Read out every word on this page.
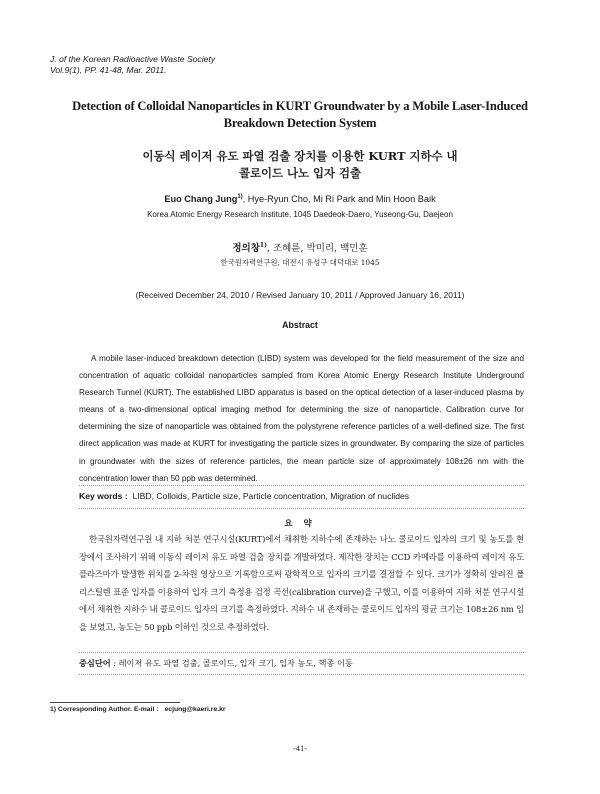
J. of the Korean Radioactive Waste Society
Vol.9(1), PP. 41-48, Mar. 2011.
Detection of Colloidal Nanoparticles in KURT Groundwater by a Mobile Laser-Induced Breakdown Detection System
이동식 레이저 유도 파열 검출 장치를 이용한 KURT 지하수 내
콜로이드 나노 입자 검출
Euo Chang Jung$^{1)}$, Hye-Ryun Cho, Mi Ri Park and Min Hoon Baik
Korea Atomic Energy Research Institute, 1045 Daedeok-Daero, Yuseong-Gu, Daejeon
정의창$^{1)}$, 조혜륜, 박미리, 백민훈
한국원자력연구원, 대전시 유성구 대덕대로 1045
(Received December 24, 2010 / Revised January 10, 2011 / Approved January 16, 2011)
Abstract

A mobile laser-induced breakdown detection (LIBD) system was developed for the field measurement of the size and concentration of aquatic colloidal nanoparticles sampled from Korea Atomic Energy Research Institute Underground Research Tunnel (KURT). The established LIBD apparatus is based on the optical detection of a laser-induced plasma by means of a two-dimensional optical imaging method for determining the size of nanoparticle. Calibration curve for determining the size of nanoparticle was obtained from the polystyrene reference particles of a well-defined size. The first direct application was made at KURT for investigating the particle sizes in groundwater. By comparing the size of particles in groundwater with the sizes of reference particles, the mean particle size of approximately 108±26 nm with the concentration lower than 50 ppb was determined.

Key words :  LIBD, Colloids, Particle size, Particle concentration, Migration of nuclides
요 약

한국원자력연구원 내 지하 처분 연구시설(KURT)에서 채취한 지하수에 존재하는 나노 콜로이드 입자의 크기 및 농도를 현장에서 조사하기 위해 이동식 레이저 유도 파열 검출 장치를 개발하였다. 제작한 장치는 CCD 카메라를 이용하여 레이저 유도 플라즈마가 발생한 위치를 2-차원 영상으로 기록함으로써 광학적으로 입자의 크기를 결정할 수 있다. 크기가 정확히 알려진 폴리스틸렌 표준 입자를 이용하여 입자 크기 측정용 검정 곡선(calibration curve)을 구했고, 이를 이용하여 지하 처분 연구시설에서 채취한 지하수 내 콜로이드 입자의 크기를 측정하였다. 지하수 내 존재하는 콜로이드 입자의 평균 크기는 108±26 nm 임을 보였고, 농도는 50 ppb 이하인 것으로 추정하였다.

중심단어 : 레이저 유도 파열 검출, 콜로이드, 입자 크기, 입자 농도, 핵종 이동
1) Corresponding Author. E-mail : ecjung@kaeri.re.kr
-41-
